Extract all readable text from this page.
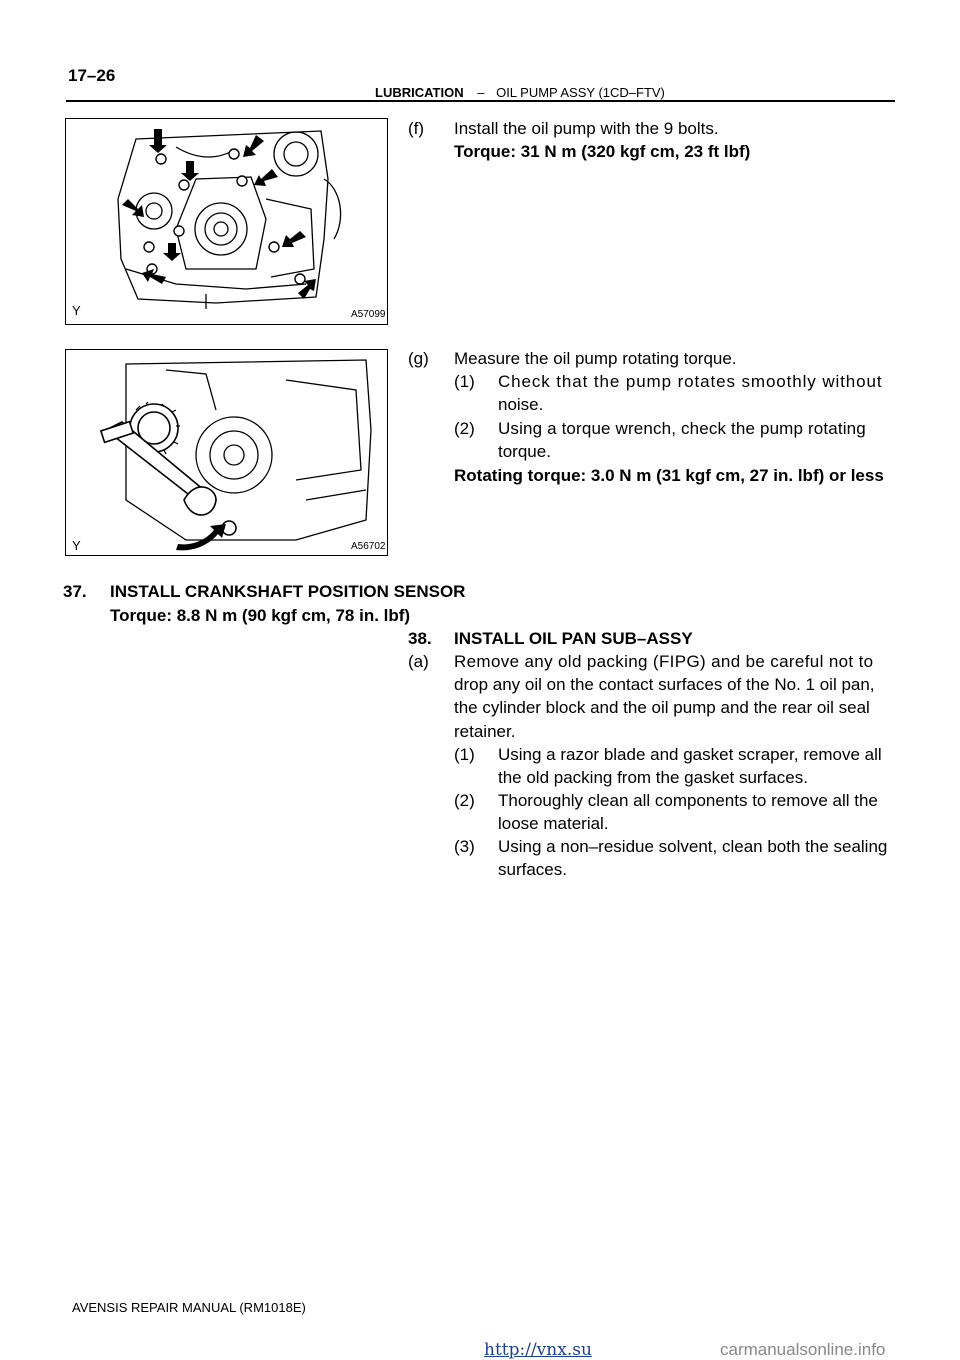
17–26
LUBRICATION – OIL PUMP ASSY (1CD–FTV)
Y	A57099
(f) Install the oil pump with the 9 bolts.
Torque: 31 N m (320 kgf cm, 23 ft lbf)
Y	A56702
(g) Measure the oil pump rotating torque.
(1) Check that the pump rotates smoothly without
noise.
(2) Using a torque wrench, check the pump rotating
torque.
Rotating torque: 3.0 N m (31 kgf cm, 27 in. lbf) or less
37. INSTALL CRANKSHAFT POSITION SENSOR
Torque: 8.8 N m (90 kgf cm, 78 in. lbf)
38. INSTALL OIL PAN SUB–ASSY
(a) Remove any old packing (FIPG) and be careful not to
drop any oil on the contact surfaces of the No. 1 oil pan,
the cylinder block and the oil pump and the rear oil seal
retainer.
(1) Using a razor blade and gasket scraper, remove all
the old packing from the gasket surfaces.
(2) Thoroughly clean all components to remove all the
loose material.
(3) Using a non–residue solvent, clean both the sealing
surfaces.
AVENSIS REPAIR MANUAL (RM1018E)
http://vnx.su	carmanualsonline.info
